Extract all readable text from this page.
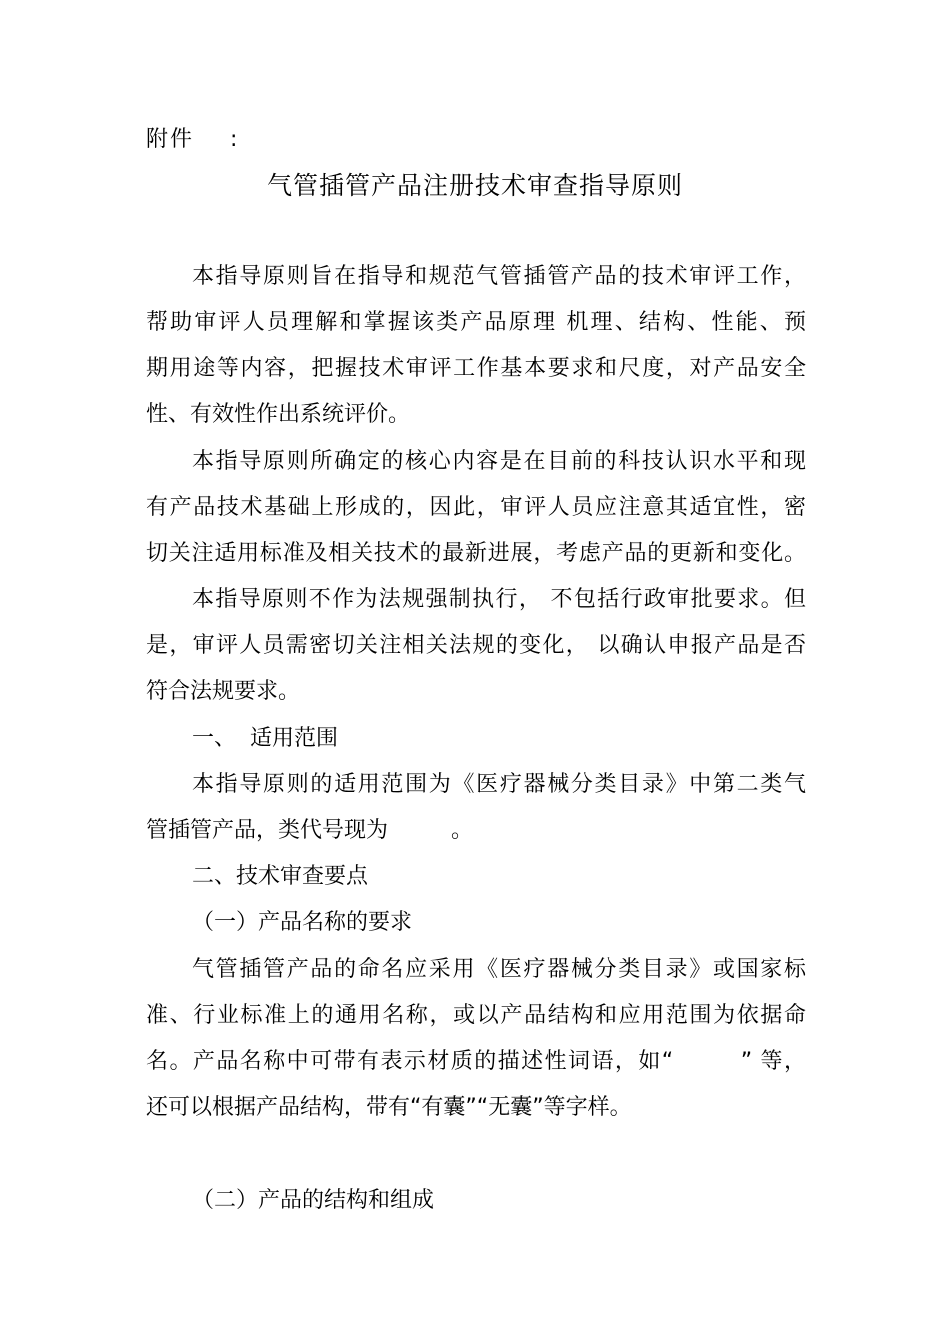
附件    :
气管插管产品注册技术审查指导原则
本指导原则旨在指导和规范气管插管产品的技术审评工作，
帮助审评人员理解和掌握该类产品原理 机理、结构、性能、预
期用途等内容，把握技术审评工作基本要求和尺度，对产品安全
性、有效性作出系统评价。
本指导原则所确定的核心内容是在目前的科技认识水平和现
有产品技术基础上形成的，因此，审评人员应注意其适宜性，密
切关注适用标准及相关技术的最新进展，考虑产品的更新和变化。
本指导原则不作为法规强制执行， 不包括行政审批要求。但
是，审评人员需密切关注相关法规的变化， 以确认申报产品是否
符合法规要求。
一、  适用范围
本指导原则的适用范围为《医疗器械分类目录》中第二类气
管插管产品，类代号现为         。
二、技术审查要点
（一）产品名称的要求
气管插管产品的命名应采用《医疗器械分类目录》或国家标
准、行业标准上的通用名称，或以产品结构和应用范围为依据命
名。产品名称中可带有表示材质的描述性词语，如“        ” 等，
还可以根据产品结构，带有“有囊”“无囊”等字样。
（二）产品的结构和组成
